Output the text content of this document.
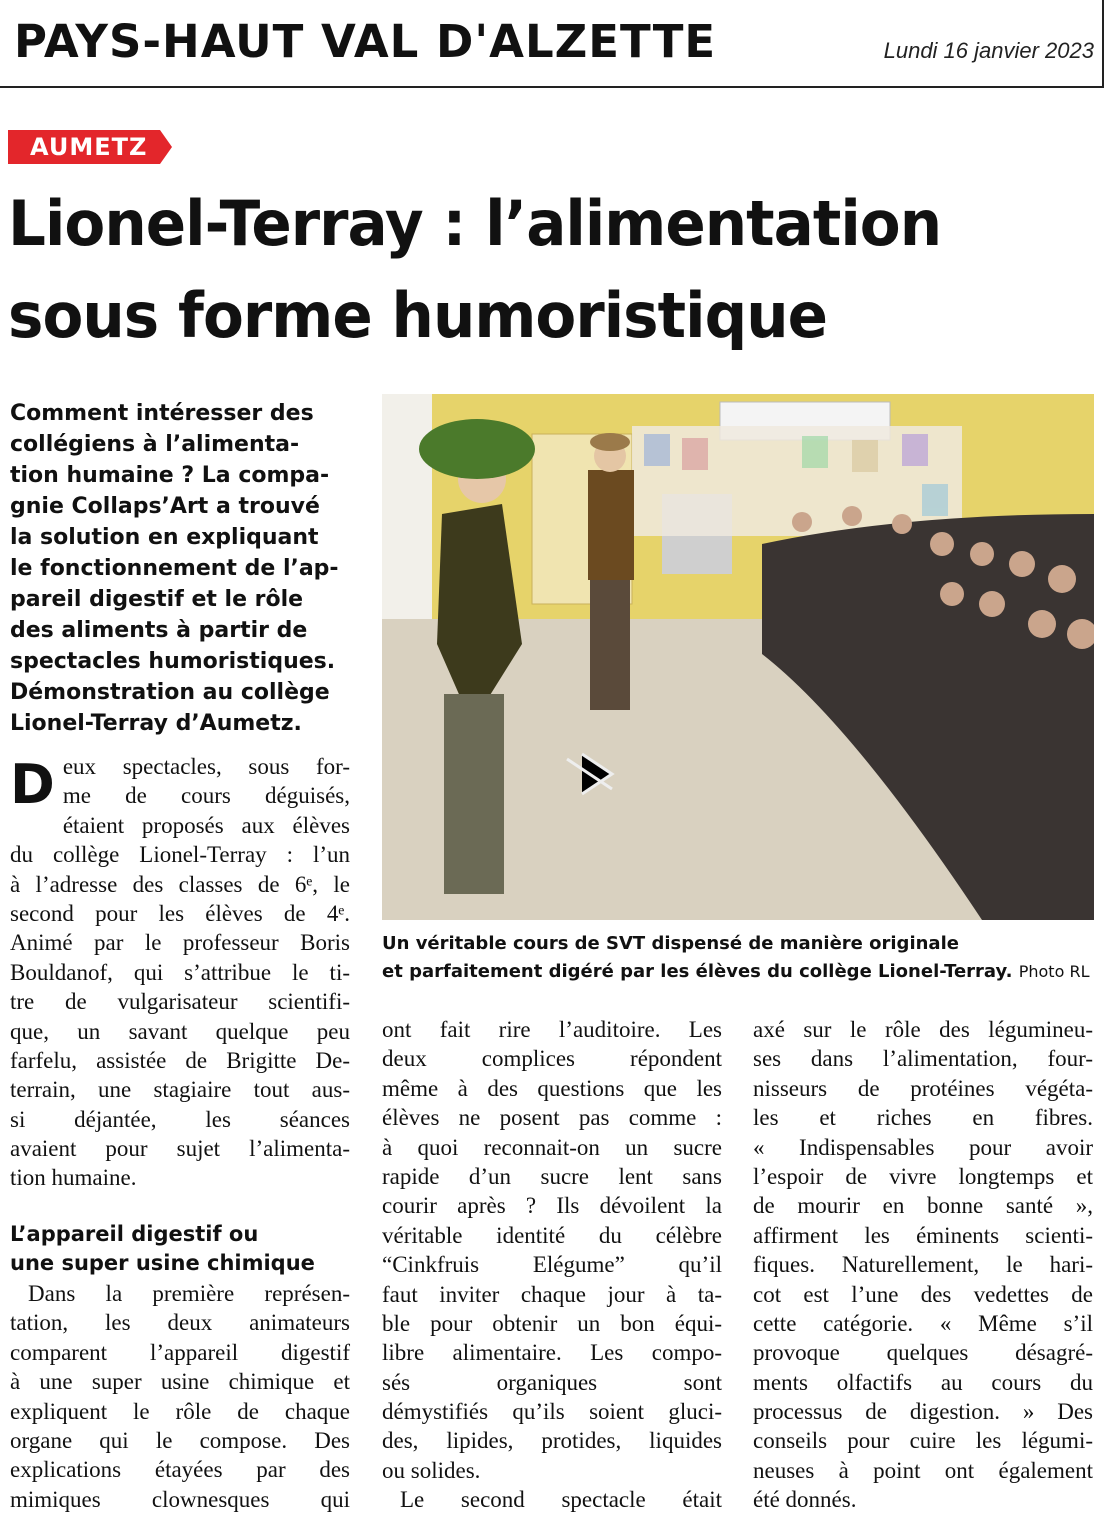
PAYS-HAUT VAL D'ALZETTE	Lundi 16 janvier 2023
AUMETZ
Lionel-Terray : l’alimentation
sous forme humoristique
Comment intéresser des
collégiens à l’alimenta-
tion humaine ? La compa-
gnie Collaps’Art a trouvé
la solution en expliquant
le fonctionnement de l’ap-
pareil digestif et le rôle
des aliments à partir de
spectacles humoristiques.
Démonstration au collège
Lionel-Terray d’Aumetz.
Un véritable cours de SVT dispensé de manière originale
et parfaitement digéré par les élèves du collège Lionel-Terray. Photo RL
D eux spectacles, sous for-
me de cours déguisés,
étaient proposés aux élèves
du collège Lionel-Terray : l’un
à l’adresse des classes de 6ᵉ, le
second pour les élèves de 4ᵉ.
Animé par le professeur Boris
Bouldanof, qui s’attribue le ti-
tre de vulgarisateur scientifi-
que, un savant quelque peu
farfelu, assistée de Brigitte De-
terrain, une stagiaire tout aus-
si déjantée, les séances
avaient pour sujet l’alimenta-
tion humaine.
L’appareil digestif ou
une super usine chimique
Dans la première représen-
tation, les deux animateurs
comparent l’appareil digestif
à une super usine chimique et
expliquent le rôle de chaque
organe qui le compose. Des
explications étayées par des
mimiques clownesques qui
ont fait rire l’auditoire. Les
deux complices répondent
même à des questions que les
élèves ne posent pas comme :
à quoi reconnait-on un sucre
rapide d’un sucre lent sans
courir après ? Ils dévoilent la
véritable identité du célèbre
“Cinkfruis Elégume” qu’il
faut inviter chaque jour à ta-
ble pour obtenir un bon équi-
libre alimentaire. Les compo-
sés organiques sont
démystifiés qu’ils soient gluci-
des, lipides, protides, liquides
ou solides.
Le second spectacle était
axé sur le rôle des légumineu-
ses dans l’alimentation, four-
nisseurs de protéines végéta-
les et riches en fibres.
« Indispensables pour avoir
l’espoir de vivre longtemps et
de mourir en bonne santé »,
affirment les éminents scienti-
fiques. Naturellement, le hari-
cot est l’une des vedettes de
cette catégorie. « Même s’il
provoque quelques désagré-
ments olfactifs au cours du
processus de digestion. » Des
conseils pour cuire les légumi-
neuses à point ont également
été donnés.
